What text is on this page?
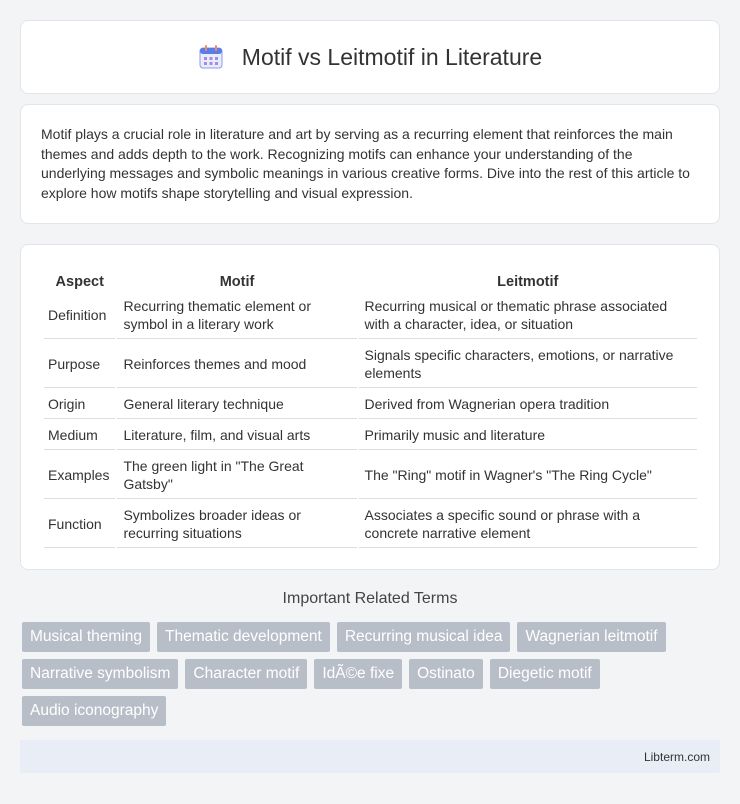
Motif vs Leitmotif in Literature

Motif plays a crucial role in literature and art by serving as a recurring element that reinforces the main themes and adds depth to the work. Recognizing motifs can enhance your understanding of the underlying messages and symbolic meanings in various creative forms. Dive into the rest of this article to explore how motifs shape storytelling and visual expression.

Aspect	Motif	Leitmotif
Definition	Recurring thematic element or symbol in a literary work	Recurring musical or thematic phrase associated with a character, idea, or situation
Purpose	Reinforces themes and mood	Signals specific characters, emotions, or narrative elements
Origin	General literary technique	Derived from Wagnerian opera tradition
Medium	Literature, film, and visual arts	Primarily music and literature
Examples	The green light in "The Great Gatsby"	The "Ring" motif in Wagner's "The Ring Cycle"
Function	Symbolizes broader ideas or recurring situations	Associates a specific sound or phrase with a concrete narrative element
Important Related Terms
Musical theming	Thematic development	Recurring musical idea	Wagnerian leitmotif
Narrative symbolism	Character motif	IdÃ©e fixe	Ostinato	Diegetic motif
Audio iconography
Libterm.com
